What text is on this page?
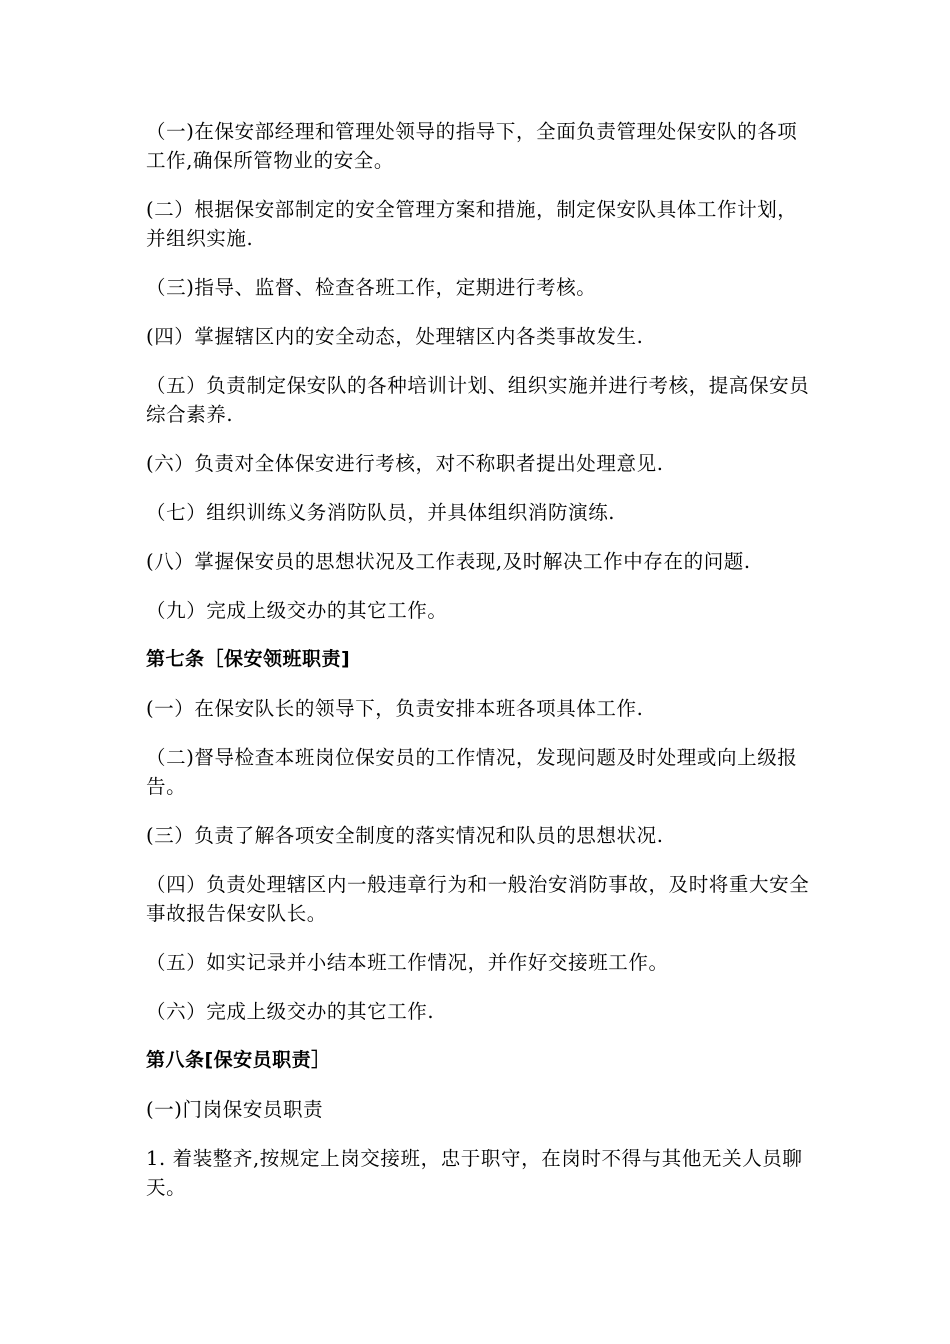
（一)在保安部经理和管理处领导的指导下，全面负责管理处保安队的各项工作,确保所管物业的安全。

(二）根据保安部制定的安全管理方案和措施，制定保安队具体工作计划，并组织实施.

（三)指导、监督、检查各班工作，定期进行考核。

(四）掌握辖区内的安全动态，处理辖区内各类事故发生.

（五）负责制定保安队的各种培训计划、组织实施并进行考核，提高保安员综合素养.

(六）负责对全体保安进行考核，对不称职者提出处理意见.

（七）组织训练义务消防队员，并具体组织消防演练.

(八）掌握保安员的思想状况及工作表现,及时解决工作中存在的问题.

（九）完成上级交办的其它工作。

第七条［保安领班职责]

(一）在保安队长的领导下，负责安排本班各项具体工作.

（二)督导检查本班岗位保安员的工作情况，发现问题及时处理或向上级报告。

(三）负责了解各项安全制度的落实情况和队员的思想状况.

（四）负责处理辖区内一般违章行为和一般治安消防事故，及时将重大安全事故报告保安队长。

（五）如实记录并小结本班工作情况，并作好交接班工作。

（六）完成上级交办的其它工作.

第八条[保安员职责］

(一)门岗保安员职责

1. 着装整齐,按规定上岗交接班，忠于职守，在岗时不得与其他无关人员聊天。
